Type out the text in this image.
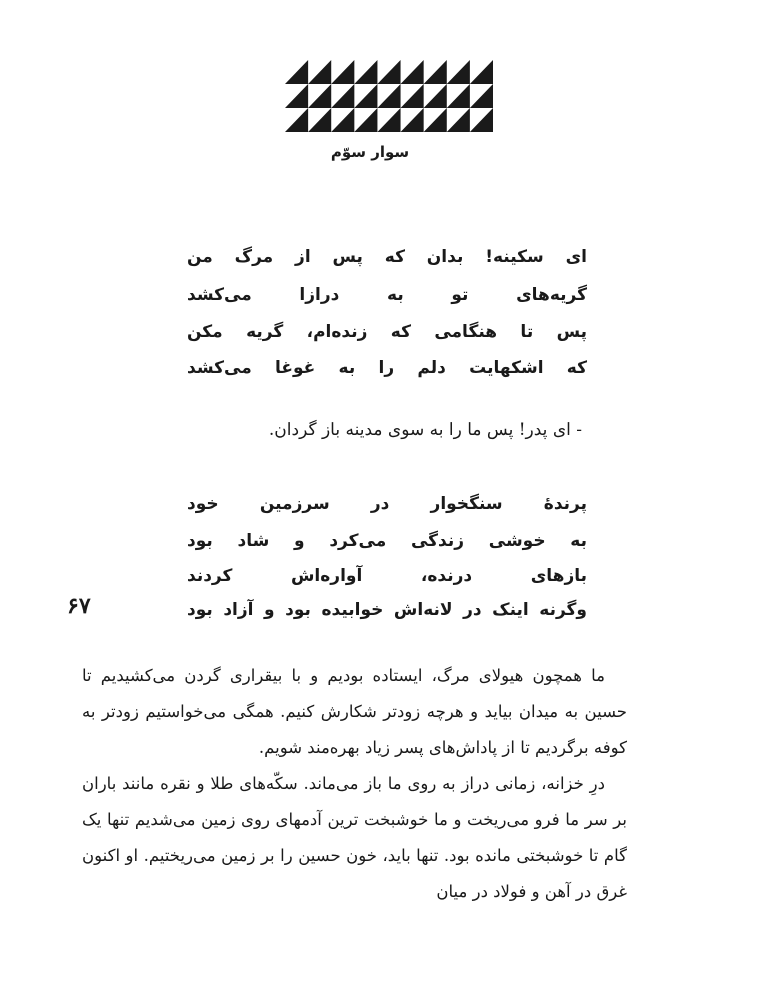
سوار سوّم
ای سکینه! بدان که پس از مرگ من
گریه‌های تو به درازا می‌کشد
پس تا هنگامی که زنده‌ام، گریه مکن
که اشکهایت دلم را به غوغا می‌کشد
- ای پدر! پس ما را به سوی مدینه باز گردان.
پرندهٔ سنگخوار در سرزمین خود
به خوشی زندگی می‌کرد و شاد بود
بازهای درنده، آواره‌اش کردند
وگرنه اینک در لانه‌اش خوابیده بود و آزاد بود
۶۷

ما همچون هیولای مرگ، ایستاده بودیم و با بیقراری گردن می‌کشیدیم تا حسین به میدان بیاید و هرچه زودتر شکارش کنیم. همگی می‌خواستیم زودتر به کوفه برگردیم تا از پاداش‌های پسر زیاد بهره‌مند شویم.

درِ خزانه، زمانی دراز به روی ما باز می‌ماند. سکّه‌های طلا و نقره مانند باران بر سر ما فرو می‌ریخت و ما خوشبخت ترین آدمهای روی زمین می‌شدیم تنها یک گام تا خوشبختی مانده بود. تنها باید، خون حسین را بر زمین می‌ریختیم. او اکنون غرق در آهن و فولاد در میان
